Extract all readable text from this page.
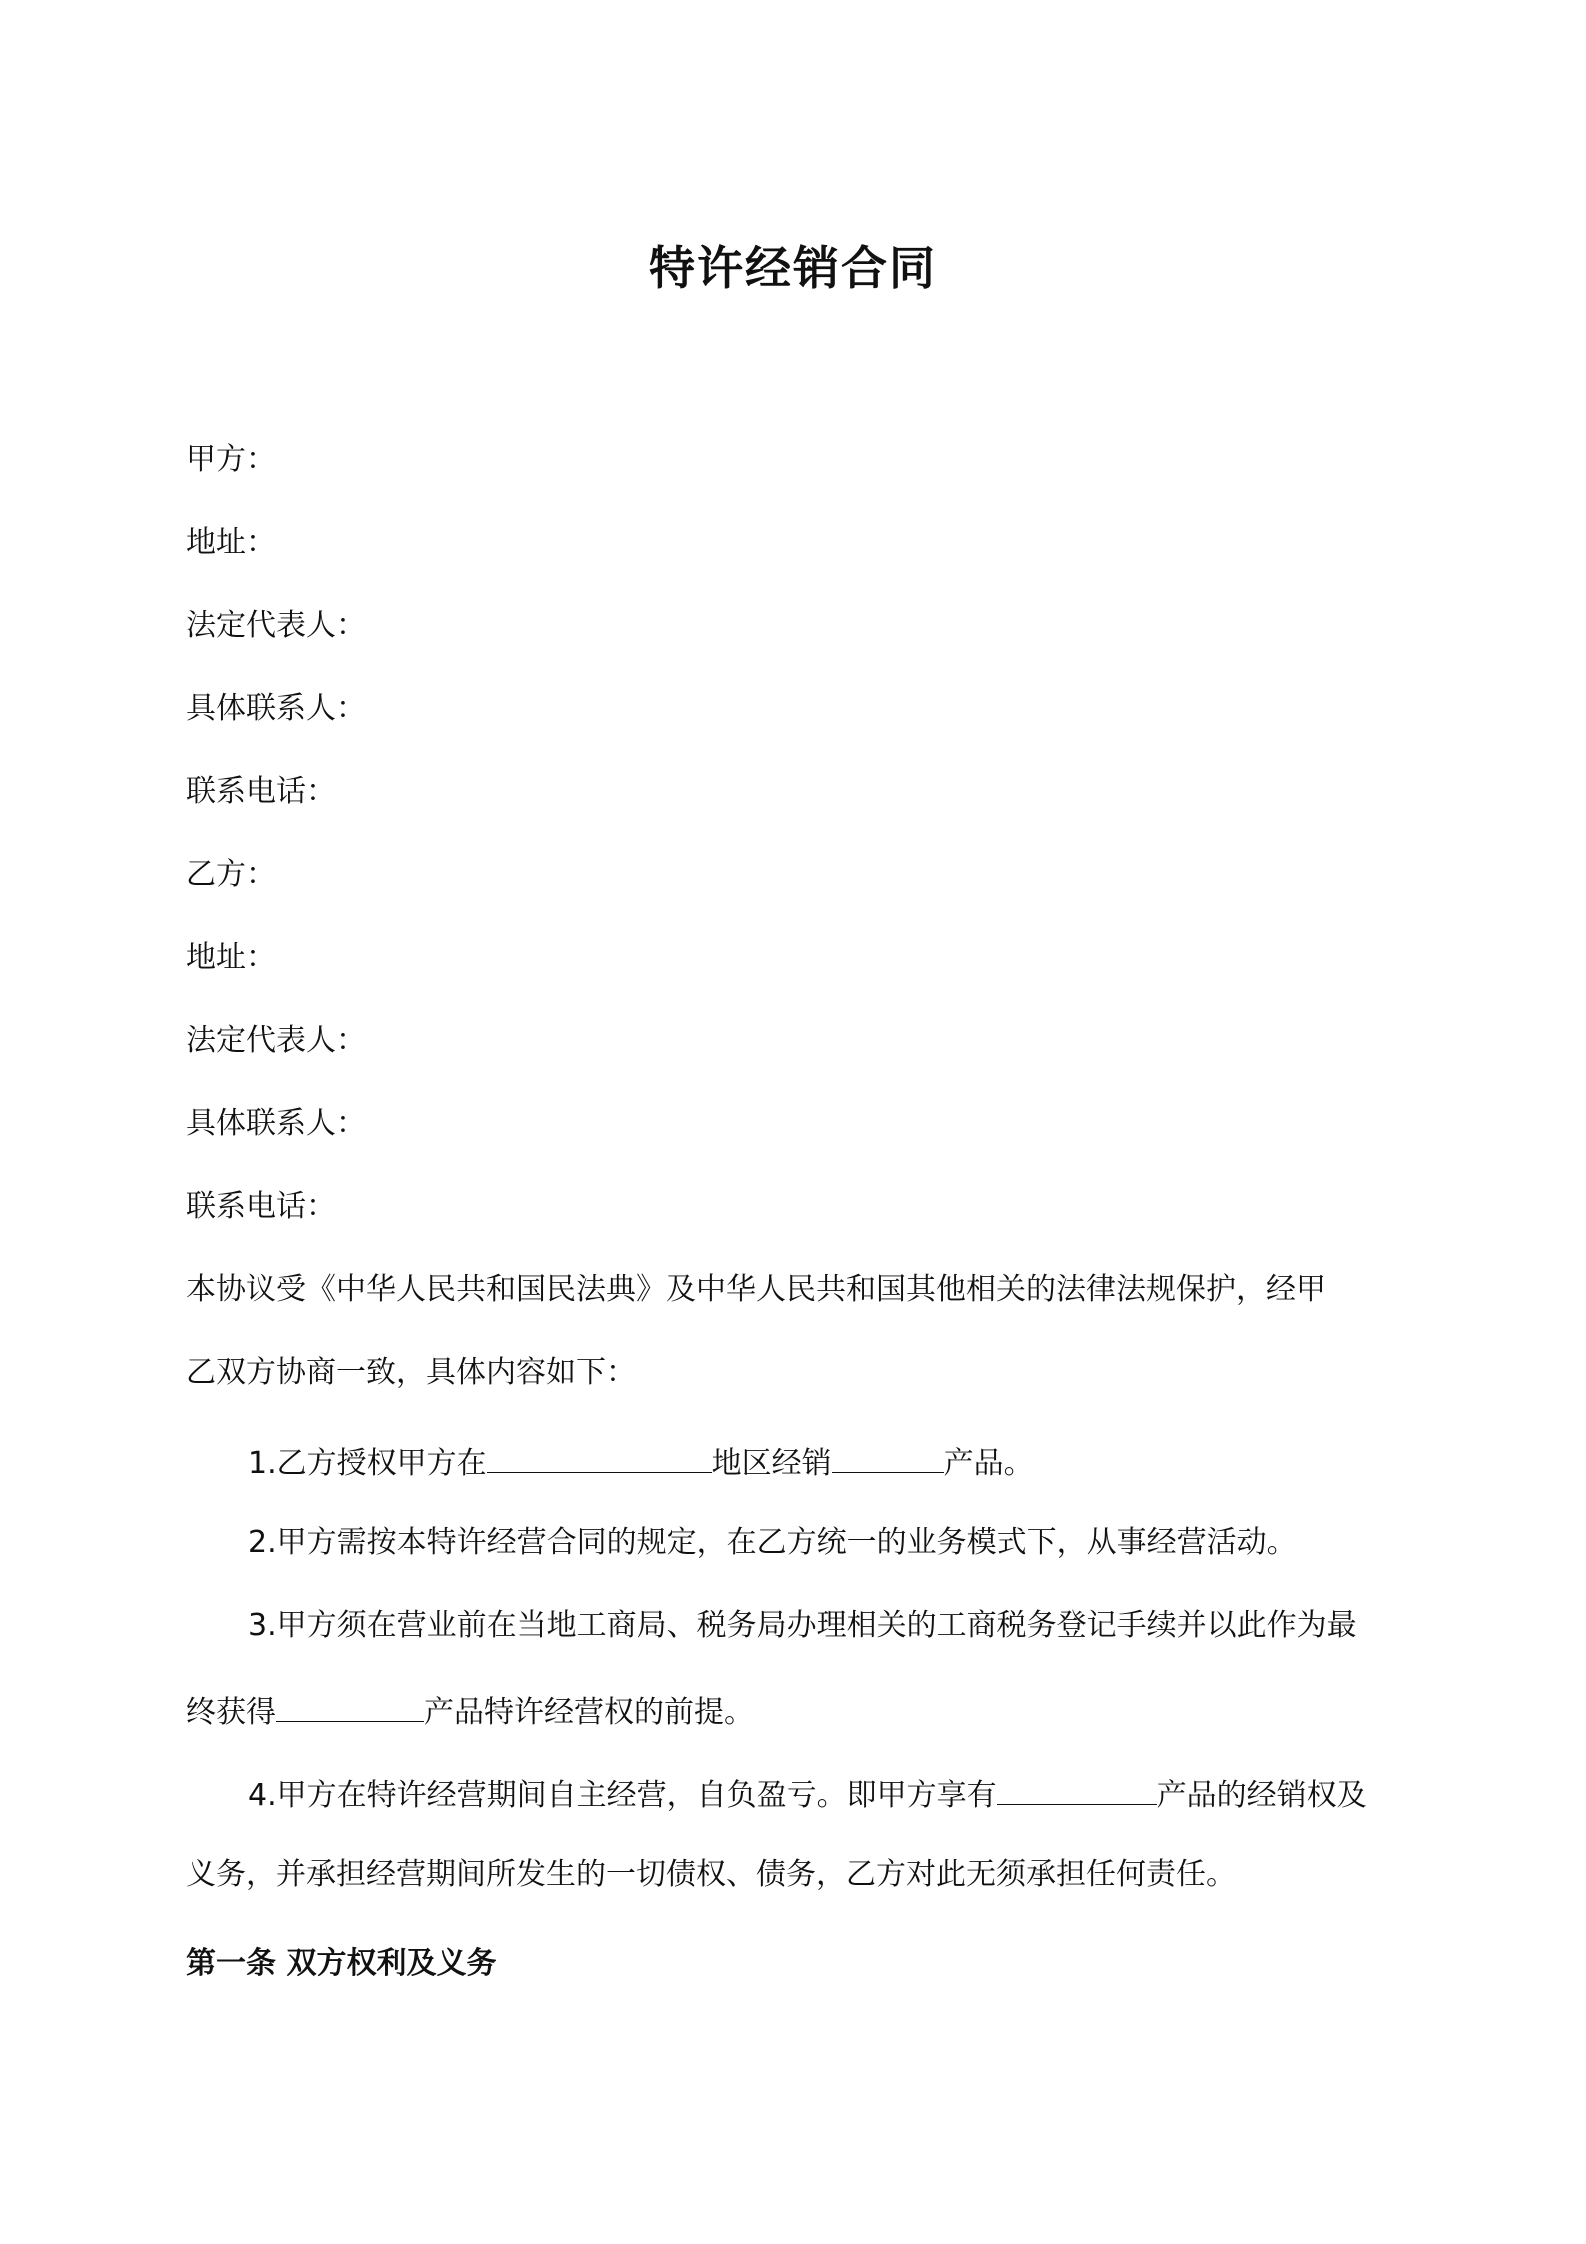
特许经销合同
甲方：
地址：
法定代表人：
具体联系人：
联系电话：
乙方：
地址：
法定代表人：
具体联系人：
联系电话：
本协议受《中华人民共和国民法典》及中华人民共和国其他相关的法律法规保护，经甲
乙双方协商一致，具体内容如下：
1.乙方授权甲方在	地区经销	产品。
2.甲方需按本特许经营合同的规定，在乙方统一的业务模式下，从事经营活动。
3.甲方须在营业前在当地工商局、税务局办理相关的工商税务登记手续并以此作为最
终获得	产品特许经营权的前提。
4.甲方在特许经营期间自主经营，自负盈亏。即甲方享有	产品的经销权及
义务，并承担经营期间所发生的一切债权、债务，乙方对此无须承担任何责任。
第一条 双方权利及义务
